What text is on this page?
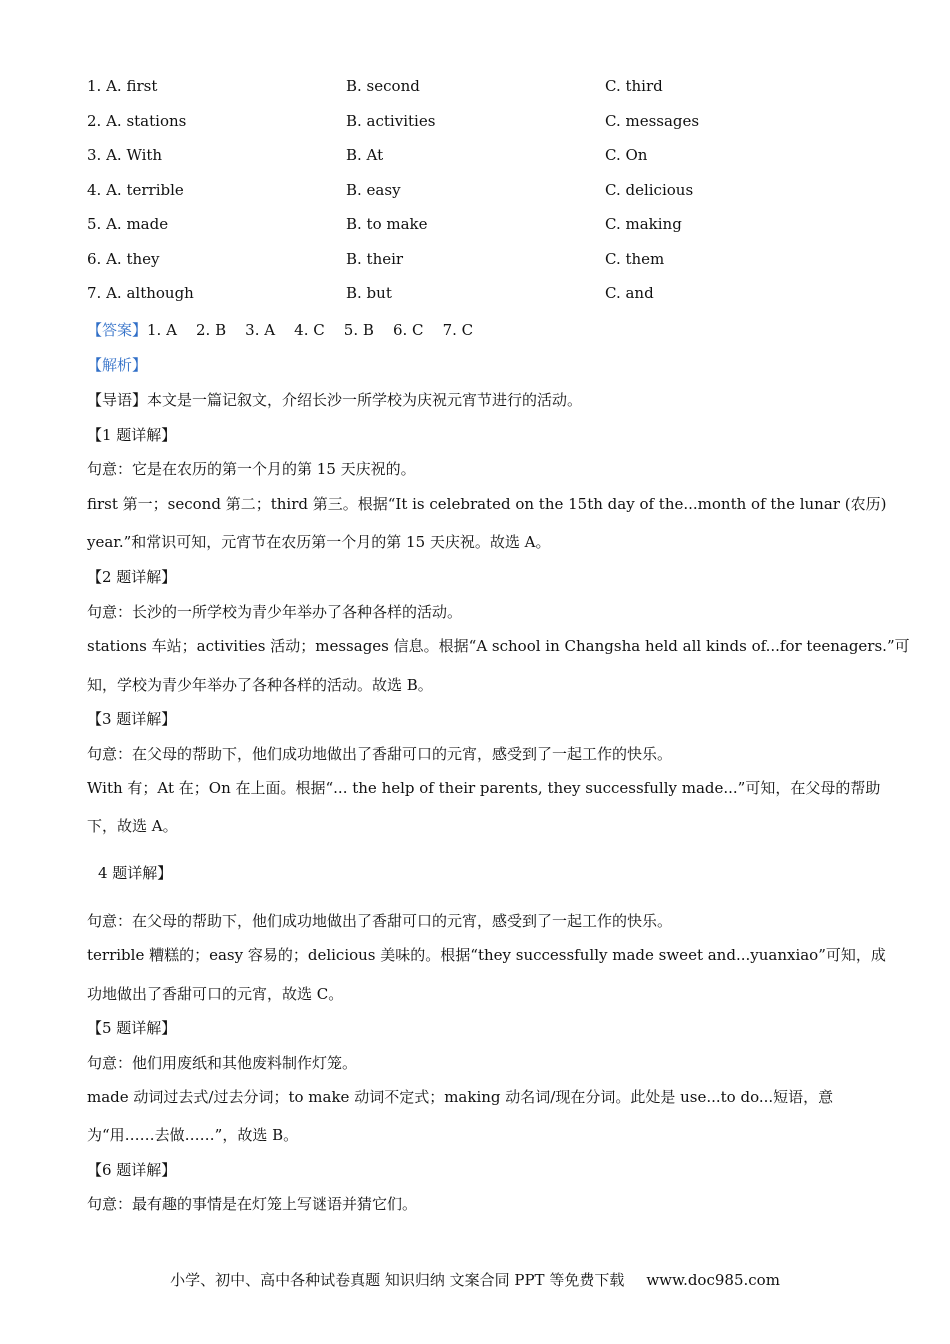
1. A. first	B. second	C. third
2. A. stations	B. activities	C. messages
3. A. With	B. At	C. On
4. A. terrible	B. easy	C. delicious
5. A. made	B. to make	C. making
6. A. they	B. their	C. them
7. A. although	B. but	C. and
【答案】1. A    2. B    3. A    4. C    5. B    6. C    7. C
【解析】
【导语】本文是一篇记叙文，介绍长沙一所学校为庆祝元宵节进行的活动。
【1 题详解】
句意：它是在农历的第一个月的第 15 天庆祝的。
first 第一；second 第二；third 第三。根据“It is celebrated on the 15th day of the...month of the lunar (农历)
year.”和常识可知，元宵节在农历第一个月的第 15 天庆祝。故选 A。
【2 题详解】
句意：长沙的一所学校为青少年举办了各种各样的活动。
stations 车站；activities 活动；messages 信息。根据“A school in Changsha held all kinds of...for teenagers.”可
知，学校为青少年举办了各种各样的活动。故选 B。
【3 题详解】
句意：在父母的帮助下，他们成功地做出了香甜可口的元宵，感受到了一起工作的快乐。
With 有；At 在；On 在上面。根据“... the help of their parents, they successfully made...”可知，在父母的帮助
下，故选 A。
4 题详解】
句意：在父母的帮助下，他们成功地做出了香甜可口的元宵，感受到了一起工作的快乐。
terrible 糟糕的；easy 容易的；delicious 美味的。根据“they successfully made sweet and...yuanxiao”可知，成
功地做出了香甜可口的元宵，故选 C。
【5 题详解】
句意：他们用废纸和其他废料制作灯笼。
made 动词过去式/过去分词；to make 动词不定式；making 动名词/现在分词。此处是 use...to do...短语，意
为“用……去做……”，故选 B。
【6 题详解】
句意：最有趣的事情是在灯笼上写谜语并猜它们。
小学、初中、高中各种试卷真题 知识归纳 文案合同 PPT 等免费下载 www.doc985.com
